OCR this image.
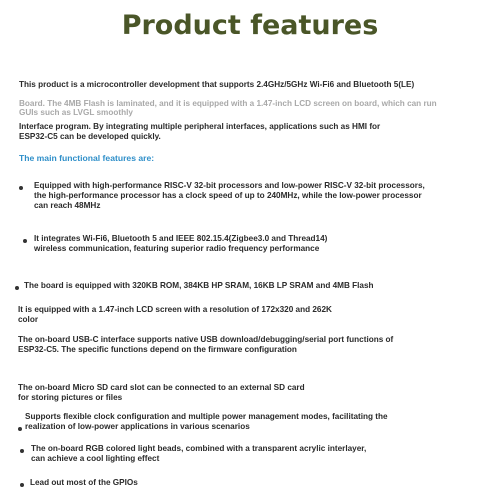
Product features
This product is a microcontroller development that supports 2.4GHz/5GHz Wi-Fi6 and Bluetooth 5(LE)
Board. The 4MB Flash is laminated, and it is equipped with a 1.47-inch LCD screen on board, which can run
GUIs such as LVGL smoothly
Interface program. By integrating multiple peripheral interfaces, applications such as HMI for
ESP32-C5 can be developed quickly.
The main functional features are:
Equipped with high-performance RISC-V 32-bit processors and low-power RISC-V 32-bit processors,
the high-performance processor has a clock speed of up to 240MHz, while the low-power processor
can reach 48MHz
It integrates Wi-Fi6, Bluetooth 5 and IEEE 802.15.4(Zigbee3.0 and Thread14)
wireless communication, featuring superior radio frequency performance
The board is equipped with 320KB ROM, 384KB HP SRAM, 16KB LP SRAM and 4MB Flash
It is equipped with a 1.47-inch LCD screen with a resolution of 172x320 and 262K
color
The on-board USB-C interface supports native USB download/debugging/serial port functions of
ESP32-C5. The specific functions depend on the firmware configuration
The on-board Micro SD card slot can be connected to an external SD card
for storing pictures or files
Supports flexible clock configuration and multiple power management modes, facilitating the
realization of low-power applications in various scenarios
The on-board RGB colored light beads, combined with a transparent acrylic interlayer,
can achieve a cool lighting effect
Lead out most of the GPIOs
